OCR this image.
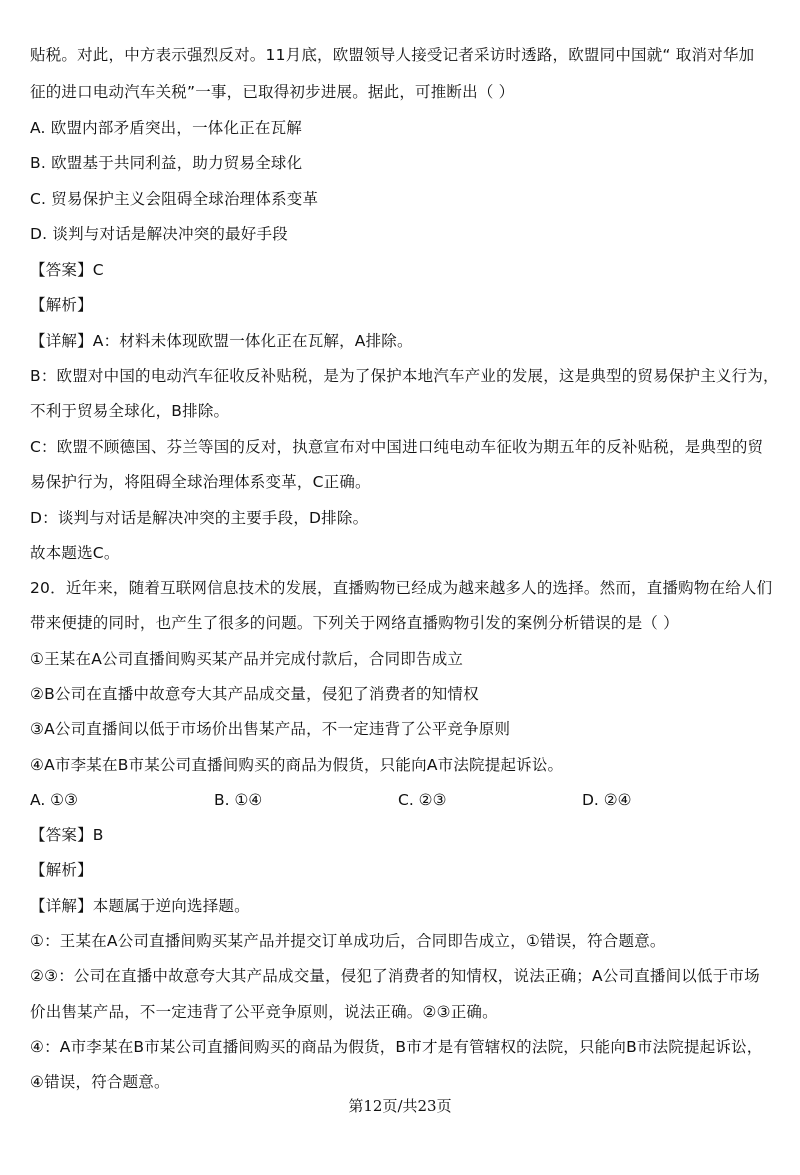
贴税。对此，中方表示强烈反对。11月底，欧盟领导人接受记者采访时透路，欧盟同中国就“ 取消对华加
征的进口电动汽车关税”一事，已取得初步进展。据此，可推断出（ ）
A. 欧盟内部矛盾突出，一体化正在瓦解
B. 欧盟基于共同利益，助力贸易全球化
C. 贸易保护主义会阻碍全球治理体系变革
D. 谈判与对话是解决冲突的最好手段
【答案】C
【解析】
【详解】A：材料未体现欧盟一体化正在瓦解，A排除。
B：欧盟对中国的电动汽车征收反补贴税，是为了保护本地汽车产业的发展，这是典型的贸易保护主义行为，
不利于贸易全球化，B排除。
C：欧盟不顾德国、芬兰等国的反对，执意宣布对中国进口纯电动车征收为期五年的反补贴税，是典型的贸
易保护行为，将阻碍全球治理体系变革，C正确。
D：谈判与对话是解决冲突的主要手段，D排除。
故本题选C。
20．近年来，随着互联网信息技术的发展，直播购物已经成为越来越多人的选择。然而，直播购物在给人们
带来便捷的同时，也产生了很多的问题。下列关于网络直播购物引发的案例分析错误的是（ ）
①王某在A公司直播间购买某产品并完成付款后，合同即告成立
②B公司在直播中故意夸大其产品成交量，侵犯了消费者的知情权
③A公司直播间以低于市场价出售某产品，不一定违背了公平竞争原则
④A市李某在B市某公司直播间购买的商品为假货，只能向A市法院提起诉讼。
A. ①③	B. ①④	C. ②③	D. ②④
【答案】B
【解析】
【详解】本题属于逆向选择题。
①：王某在A公司直播间购买某产品并提交订单成功后，合同即告成立，①错误，符合题意。
②③：公司在直播中故意夸大其产品成交量，侵犯了消费者的知情权，说法正确；A公司直播间以低于市场
价出售某产品，不一定违背了公平竞争原则，说法正确。②③正确。
④：A市李某在B市某公司直播间购买的商品为假货，B市才是有管辖权的法院，只能向B市法院提起诉讼，
④错误，符合题意。
第12页/共23页
